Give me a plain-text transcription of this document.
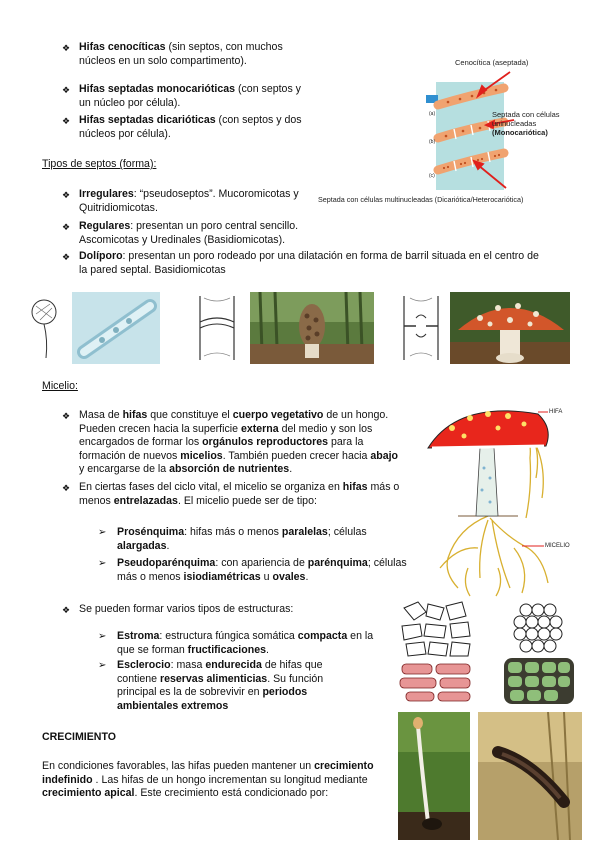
❖ Hifas cenocíticas (sin septos, con muchos núcleos en un solo compartimento).
❖ Hifas septadas monocarióticas (con septos y un núcleo por célula).
❖ Hifas septadas dicarióticas (con septos y dos núcleos por célula).
Cenocítica (aseptada)
Septada con células
uninucleadas
(Monocariótica)
(a)
(b)
(c)
Septada con células multinucleadas (Dicariótica/Heterocariótica)
Tipos de septos (forma):
❖ Irregulares: “pseudoseptos”. Mucoromicotas y Quitridiomicotas.
❖ Regulares: presentan un poro central sencillo. Ascomicotas y Uredinales (Basidiomicotas).
❖ Dolíporo: presentan un poro rodeado por una dilatación en forma de barril situada en el centro de la pared septal. Basidiomicotas
Micelio:
❖ Masa de hifas que constituye el cuerpo vegetativo de un hongo. Pueden crecen hacia la superficie externa del medio y son los encargados de formar los orgánulos reproductores para la formación de nuevos micelios. También pueden crecer hacia abajo y encargarse de la absorción de nutrientes.
❖ En ciertas fases del ciclo vital, el micelio se organiza en hifas más o menos entrelazadas. El micelio puede ser de tipo:
➢ Prosénquima: hifas más o menos paralelas; células alargadas.
➢ Pseudoparénquima: con apariencia de parénquima; células más o menos isiodiamétricas u ovales.
HIFA
MICELIO
❖ Se pueden formar varios tipos de estructuras:
➢ Estroma: estructura fúngica somática compacta en la que se forman fructificaciones.
➢ Esclerocio: masa endurecida de hifas que contiene reservas alimenticias. Su función principal es la de sobrevivir en periodos ambientales extremos
CRECIMIENTO
En condiciones favorables, las hifas pueden mantener un crecimiento indefinido . Las hifas de un hongo incrementan su longitud mediante crecimiento apical. Este crecimiento está condicionado por:
